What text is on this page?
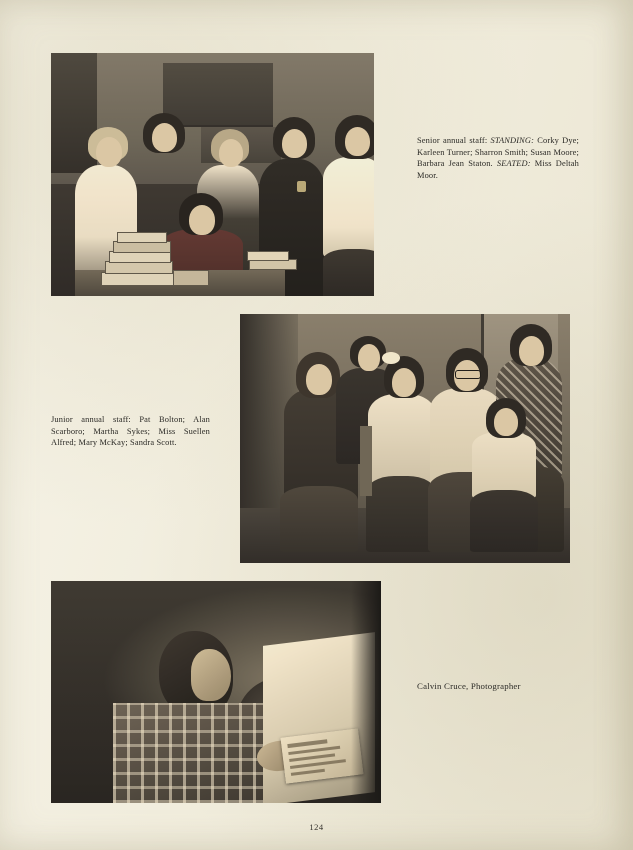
Senior annual staff: STANDING: Corky Dye; Karleen Turner; Sharron Smith; Susan Moore; Barbara Jean Staton. SEATED: Miss Deltah Moor.
Junior annual staff: Pat Bolton; Alan Scarboro; Martha Sykes; Miss Suellen Alfred; Mary McKay; Sandra Scott.
Calvin Cruce, Photographer
124
